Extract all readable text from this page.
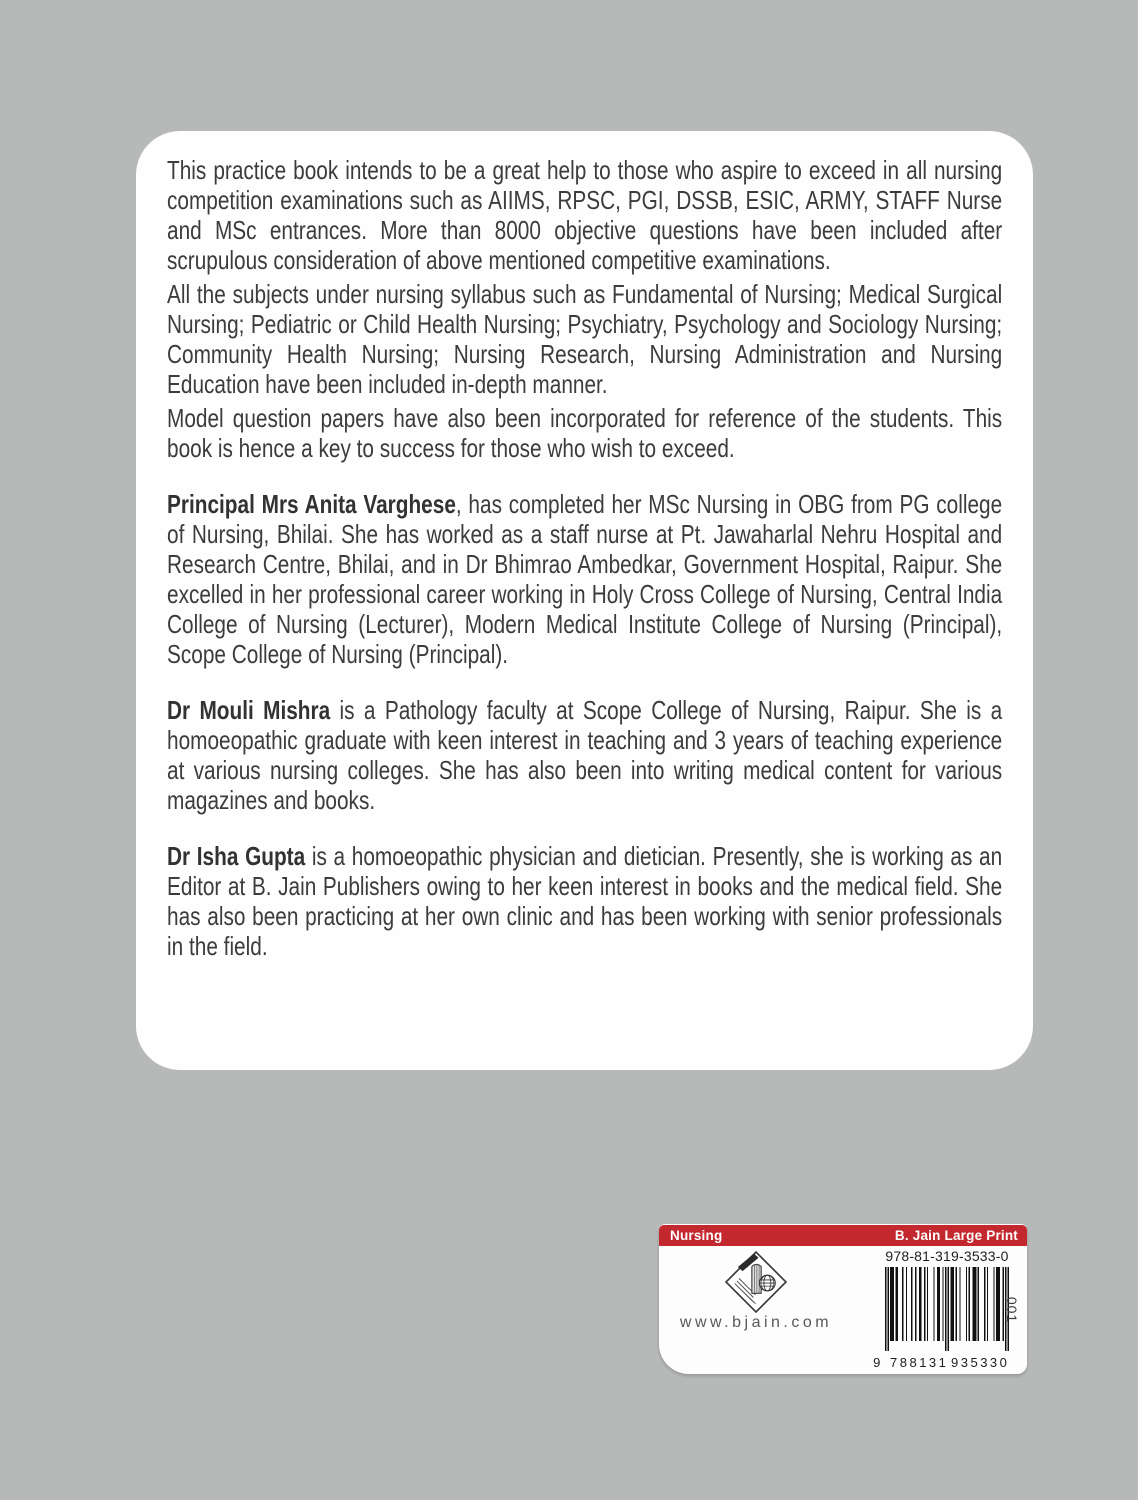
This practice book intends to be a great help to those who aspire to exceed in all nursing competition examinations such as AIIMS, RPSC, PGI, DSSB, ESIC, ARMY, STAFF Nurse and MSc entrances. More than 8000 objective questions have been included after scrupulous consideration of above mentioned competitive examinations.

All the subjects under nursing syllabus such as Fundamental of Nursing; Medical Surgical Nursing; Pediatric or Child Health Nursing; Psychiatry, Psychology and Sociology Nursing; Community Health Nursing; Nursing Research, Nursing Administration and Nursing Education have been included in-depth manner.

Model question papers have also been incorporated for reference of the students. This book is hence a key to success for those who wish to exceed.

Principal Mrs Anita Varghese, has completed her MSc Nursing in OBG from PG college of Nursing, Bhilai. She has worked as a staff nurse at Pt. Jawaharlal Nehru Hospital and Research Centre, Bhilai, and in Dr Bhimrao Ambedkar, Government Hospital, Raipur. She excelled in her professional career working in Holy Cross College of Nursing, Central India College of Nursing (Lecturer), Modern Medical Institute College of Nursing (Principal), Scope College of Nursing (Principal).

Dr Mouli Mishra is a Pathology faculty at Scope College of Nursing, Raipur. She is a homoeopathic graduate with keen interest in teaching and 3 years of teaching experience at various nursing colleges. She has also been into writing medical content for various magazines and books.

Dr Isha Gupta is a homoeopathic physician and dietician. Presently, she is working as an Editor at B. Jain Publishers owing to her keen interest in books and the medical field. She has also been practicing at her own clinic and has been working with senior professionals in the field.

Nursing	B. Jain Large Print
www.bjain.com
978-81-319-3533-0
9 788131 935330
001
